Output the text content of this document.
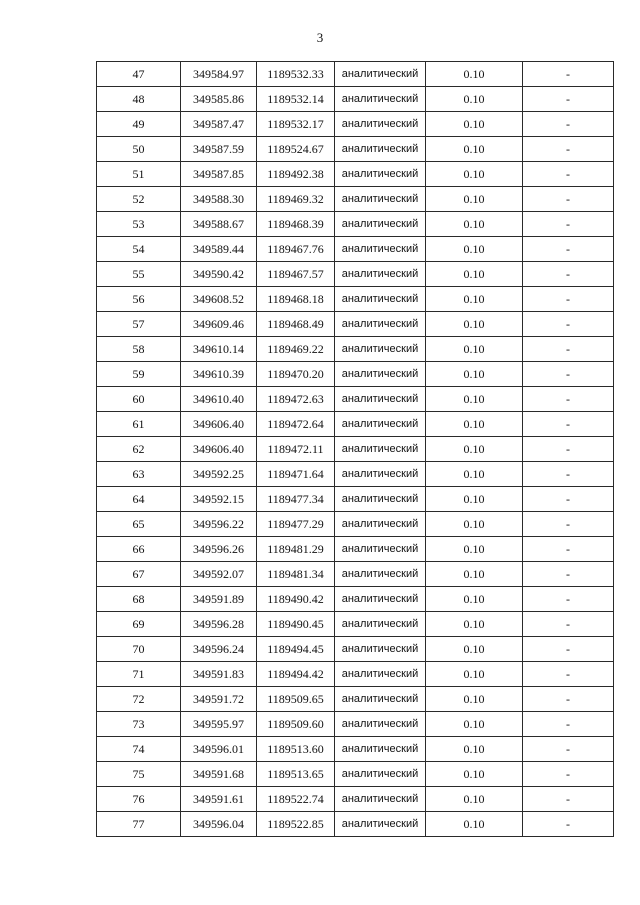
3
47	349584.97	1189532.33	аналитический	0.10	-
48	349585.86	1189532.14	аналитический	0.10	-
49	349587.47	1189532.17	аналитический	0.10	-
50	349587.59	1189524.67	аналитический	0.10	-
51	349587.85	1189492.38	аналитический	0.10	-
52	349588.30	1189469.32	аналитический	0.10	-
53	349588.67	1189468.39	аналитический	0.10	-
54	349589.44	1189467.76	аналитический	0.10	-
55	349590.42	1189467.57	аналитический	0.10	-
56	349608.52	1189468.18	аналитический	0.10	-
57	349609.46	1189468.49	аналитический	0.10	-
58	349610.14	1189469.22	аналитический	0.10	-
59	349610.39	1189470.20	аналитический	0.10	-
60	349610.40	1189472.63	аналитический	0.10	-
61	349606.40	1189472.64	аналитический	0.10	-
62	349606.40	1189472.11	аналитический	0.10	-
63	349592.25	1189471.64	аналитический	0.10	-
64	349592.15	1189477.34	аналитический	0.10	-
65	349596.22	1189477.29	аналитический	0.10	-
66	349596.26	1189481.29	аналитический	0.10	-
67	349592.07	1189481.34	аналитический	0.10	-
68	349591.89	1189490.42	аналитический	0.10	-
69	349596.28	1189490.45	аналитический	0.10	-
70	349596.24	1189494.45	аналитический	0.10	-
71	349591.83	1189494.42	аналитический	0.10	-
72	349591.72	1189509.65	аналитический	0.10	-
73	349595.97	1189509.60	аналитический	0.10	-
74	349596.01	1189513.60	аналитический	0.10	-
75	349591.68	1189513.65	аналитический	0.10	-
76	349591.61	1189522.74	аналитический	0.10	-
77	349596.04	1189522.85	аналитический	0.10	-
